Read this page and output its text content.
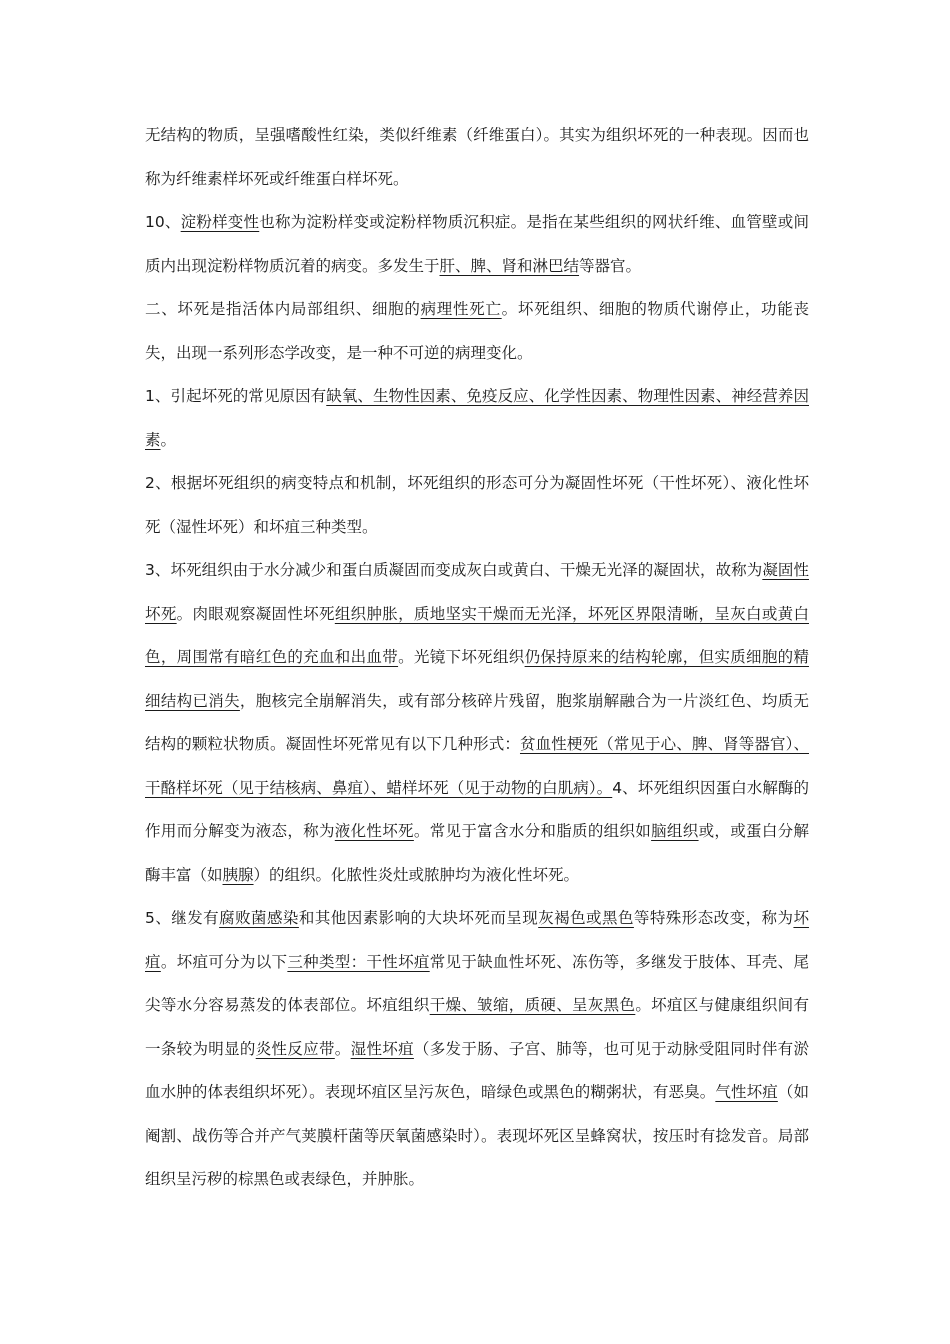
无结构的物质，呈强嗜酸性红染，类似纤维素（纤维蛋白）。其实为组织坏死的一种表现。因而也称为纤维素样坏死或纤维蛋白样坏死。

10、淀粉样变性也称为淀粉样变或淀粉样物质沉积症。是指在某些组织的网状纤维、血管壁或间质内出现淀粉样物质沉着的病变。多发生于肝、脾、肾和淋巴结等器官。

二、坏死是指活体内局部组织、细胞的病理性死亡。坏死组织、细胞的物质代谢停止，功能丧失，出现一系列形态学改变，是一种不可逆的病理变化。

1、引起坏死的常见原因有缺氧、生物性因素、免疫反应、化学性因素、物理性因素、神经营养因素。

2、根据坏死组织的病变特点和机制，坏死组织的形态可分为凝固性坏死（干性坏死）、液化性坏死（湿性坏死）和坏疽三种类型。

3、坏死组织由于水分减少和蛋白质凝固而变成灰白或黄白、干燥无光泽的凝固状，故称为凝固性坏死。肉眼观察凝固性坏死组织肿胀，质地坚实干燥而无光泽，坏死区界限清晰，呈灰白或黄白色，周围常有暗红色的充血和出血带。光镜下坏死组织仍保持原来的结构轮廓，但实质细胞的精细结构已消失，胞核完全崩解消失，或有部分核碎片残留，胞浆崩解融合为一片淡红色、均质无结构的颗粒状物质。凝固性坏死常见有以下几种形式：贫血性梗死（常见于心、脾、肾等器官）、干酪样坏死（见于结核病、鼻疽）、蜡样坏死（见于动物的白肌病）。4、坏死组织因蛋白水解酶的作用而分解变为液态，称为液化性坏死。常见于富含水分和脂质的组织如脑组织或，或蛋白分解酶丰富（如胰腺）的组织。化脓性炎灶或脓肿均为液化性坏死。

5、继发有腐败菌感染和其他因素影响的大块坏死而呈现灰褐色或黑色等特殊形态改变，称为坏疽。坏疽可分为以下三种类型：干性坏疽常见于缺血性坏死、冻伤等，多继发于肢体、耳壳、尾尖等水分容易蒸发的体表部位。坏疽组织干燥、皱缩，质硬、呈灰黑色。坏疽区与健康组织间有一条较为明显的炎性反应带。湿性坏疽（多发于肠、子宫、肺等，也可见于动脉受阻同时伴有淤血水肿的体表组织坏死）。表现坏疽区呈污灰色，暗绿色或黑色的糊粥状，有恶臭。气性坏疽（如阉割、战伤等合并产气荚膜杆菌等厌氧菌感染时）。表现坏死区呈蜂窝状，按压时有捻发音。局部组织呈污秽的棕黑色或表绿色，并肿胀。
